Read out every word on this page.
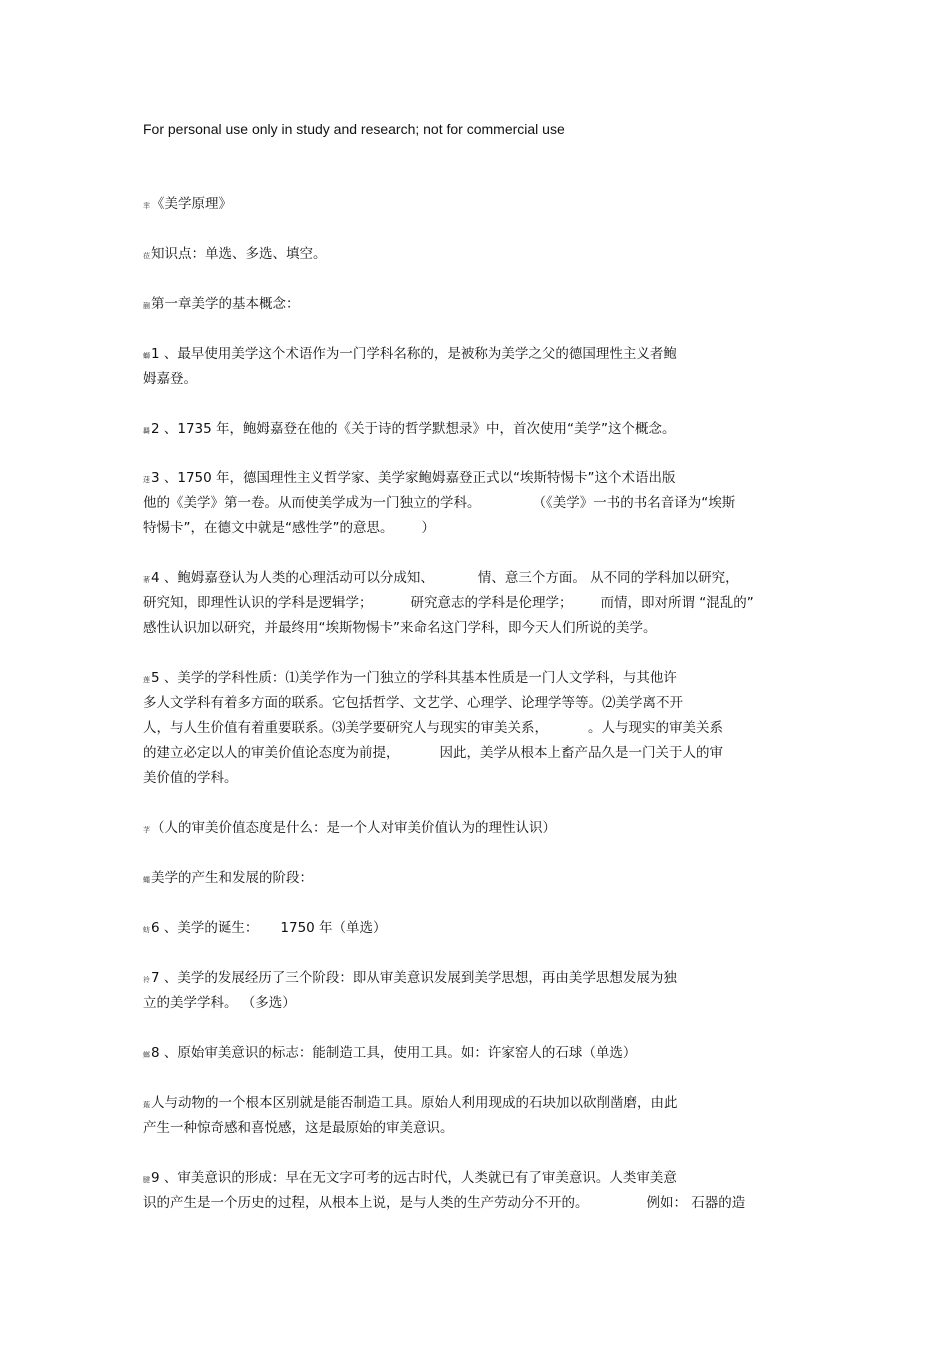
For personal use only in study and research; not for commercial use
芈 《美学原理》
莅 知识点：单选、多选、填空。
蒯 第一章美学的基本概念：
螄 1 、最早使用美学这个术语作为一门学科名称的，是被称为美学之父的德国理性主义者鲍
姆嘉登。
羇 2 、1735 年，鲍姆嘉登在他的《关于诗的哲学默想录》中，首次使用“美学”这个概念。
蒁 3 、1750 年，德国理性主义哲学家、美学家鲍姆嘉登正式以“埃斯特惕卡”这个术语出版
他的《美学》第一卷。从而使美学成为一门独立的学科。	（《美学》一书的书名音译为“埃斯
特惕卡”，在德文中就是“感性学”的意思。 ）
莃 4 、鲍姆嘉登认为人类的心理活动可以分成知、	情、意三个方面。 从不同的学科加以研究，
研究知，即理性认识的学科是逻辑学；	研究意志的学科是伦理学； 而情，即对所谓 “混乱的”
感性认识加以研究，并最终用“埃斯物惕卡”来命名这门学科，即今天人们所说的美学。
莲 5 、美学的学科性质：⑴美学作为一门独立的学科其基本性质是一门人文学科，与其他许
多人文学科有着多方面的联系。它包括哲学、文艺学、心理学、论理学等等。⑵美学离不开
人，与人生价值有着重要联系。⑶美学要研究人与现实的审美关系，	。人与现实的审美关系
的建立必定以人的审美价值论态度为前提，	因此，美学从根本上畜产品久是一门关于人的审
美价值的学科。
芓 （人的审美价值态度是什么：是一个人对审美价值认为的理性认识）
蠅 美学的产生和发展的阶段：
蚄 6 、美学的诞生： 1750 年（单选）
袊 7 、美学的发展经历了三个阶段：即从审美意识发展到美学思想，再由美学思想发展为独
立的美学学科。 （多选）
螂 8 、原始审美意识的标志：能制造工具，使用工具。如：许家窑人的石球（单选）
蕺 人与动物的一个根本区别就是能否制造工具。原始人利用现成的石块加以砍削凿磨，由此
产生一种惊奇感和喜悦感，这是最原始的审美意识。
腱 9 、审美意识的形成：早在无文字可考的远古时代，人类就已有了审美意识。人类审美意
识的产生是一个历史的过程，从根本上说，是与人类的生产劳动分不开的。	例如： 石器的造
